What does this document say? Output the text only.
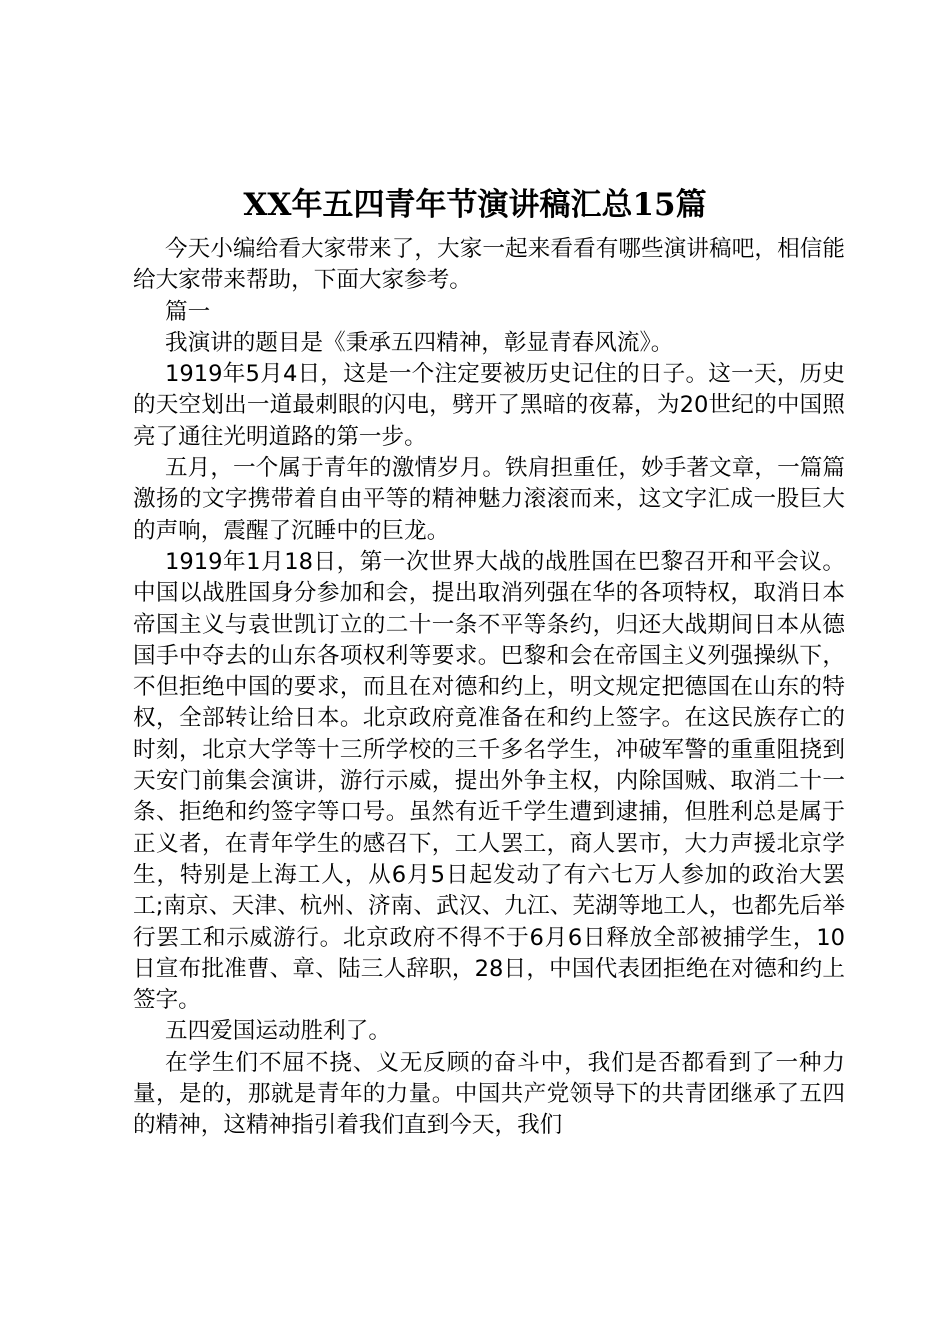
XX年五四青年节演讲稿汇总15篇

今天小编给看大家带来了，大家一起来看看有哪些演讲稿吧，相信能给大家带来帮助，下面大家参考。

篇一

我演讲的题目是《秉承五四精神，彰显青春风流》。

1919年5月4日，这是一个注定要被历史记住的日子。这一天，历史的天空划出一道最刺眼的闪电，劈开了黑暗的夜幕，为20世纪的中国照亮了通往光明道路的第一步。

五月，一个属于青年的激情岁月。铁肩担重任，妙手著文章，一篇篇激扬的文字携带着自由平等的精神魅力滚滚而来，这文字汇成一股巨大的声响，震醒了沉睡中的巨龙。

1919年1月18日，第一次世界大战的战胜国在巴黎召开和平会议。中国以战胜国身分参加和会，提出取消列强在华的各项特权，取消日本帝国主义与袁世凯订立的二十一条不平等条约，归还大战期间日本从德国手中夺去的山东各项权利等要求。巴黎和会在帝国主义列强操纵下，不但拒绝中国的要求，而且在对德和约上，明文规定把德国在山东的特权，全部转让给日本。北京政府竟准备在和约上签字。在这民族存亡的时刻，北京大学等十三所学校的三千多名学生，冲破军警的重重阻挠到天安门前集会演讲，游行示威，提出外争主权，内除国贼、取消二十一条、拒绝和约签字等口号。虽然有近千学生遭到逮捕，但胜利总是属于正义者，在青年学生的感召下，工人罢工，商人罢市，大力声援北京学生，特别是上海工人，从6月5日起发动了有六七万人参加的政治大罢工;南京、天津、杭州、济南、武汉、九江、芜湖等地工人，也都先后举行罢工和示威游行。北京政府不得不于6月6日释放全部被捕学生，10日宣布批准曹、章、陆三人辞职，28日，中国代表团拒绝在对德和约上签字。

五四爱国运动胜利了。

在学生们不屈不挠、义无反顾的奋斗中，我们是否都看到了一种力量，是的，那就是青年的力量。中国共产党领导下的共青团继承了五四的精神，这精神指引着我们直到今天，我们
